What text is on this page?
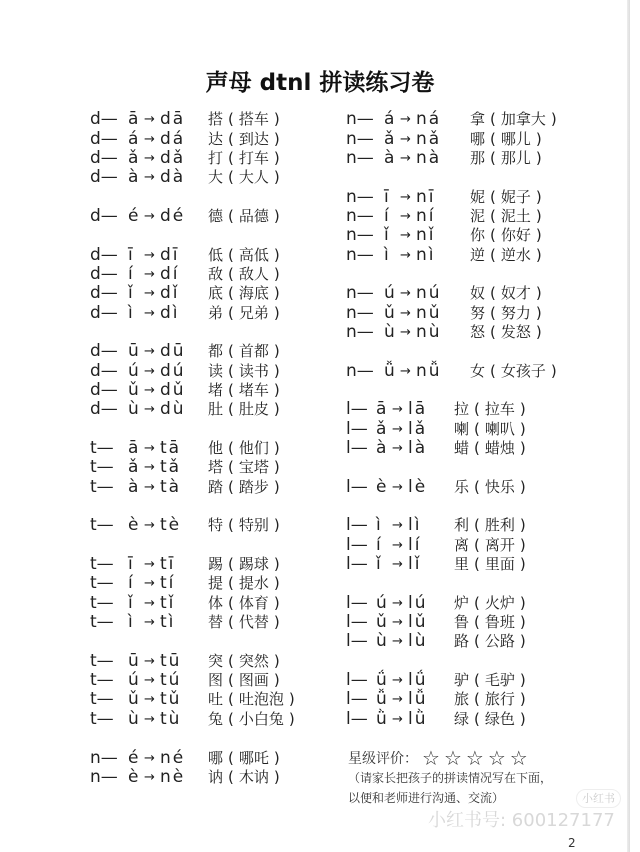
声母 dtnl 拼读练习卷
d— ā → dā	搭 ( 搭车 )
d— á → dá	达 ( 到达 )
d— ǎ → dǎ	打 ( 打车 )
d— à → dà	大 ( 大人 )
d— é → dé	德 ( 品德 )
d— ī → dī	低 ( 高低 )
d— í → dí	敌 ( 敌人 )
d— ǐ → dǐ	底 ( 海底 )
d— ì → dì	弟 ( 兄弟 )
d— ū → dū	都 ( 首都 )
d— ú → dú	读 ( 读书 )
d— ǔ → dǔ	堵 ( 堵车 )
d— ù → dù	肚 ( 肚皮 )
t— ā → tā	他 ( 他们 )
t— ǎ → tǎ	塔 ( 宝塔 )
t— à → tà	踏 ( 踏步 )
t— è → tè	特 ( 特别 )
t— ī → tī	踢 ( 踢球 )
t— í → tí	提 ( 提水 )
t— ǐ → tǐ	体 ( 体育 )
t— ì → tì	替 ( 代替 )
t— ū → tū	突 ( 突然 )
t— ú → tú	图 ( 图画 )
t— ǔ → tǔ	吐 ( 吐泡泡 )
t— ù → tù	兔 ( 小白兔 )
n— é → né	哪 ( 哪吒 )
n— è → nè	讷 ( 木讷 )
n— á → ná	拿 ( 加拿大 )
n— ǎ → nǎ	哪 ( 哪儿 )
n— à → nà	那 ( 那儿 )
n— ī → nī	妮 ( 妮子 )
n— í → ní	泥 ( 泥土 )
n— ǐ → nǐ	你 ( 你好 )
n— ì → nì	逆 ( 逆水 )
n— ú → nú	奴 ( 奴才 )
n— ǔ → nǔ	努 ( 努力 )
n— ù → nù	怒 ( 发怒 )
n— ǚ → nǚ	女 ( 女孩子 )
l— ā → lā	拉 ( 拉车 )
l— ǎ → lǎ	喇 ( 喇叭 )
l— à → là	蜡 ( 蜡烛 )
l— è → lè	乐 ( 快乐 )
l— ì → lì	利 ( 胜利 )
l— í → lí	离 ( 离开 )
l— ǐ → lǐ	里 ( 里面 )
l— ú → lú	炉 ( 火炉 )
l— ǔ → lǔ	鲁 ( 鲁班 )
l— ù → lù	路 ( 公路 )
l— ǘ → lǘ	驴 ( 毛驴 )
l— ǚ → lǚ	旅 ( 旅行 )
l— ǜ → lǜ	绿 ( 绿色 )
星级评价： ☆ ☆ ☆ ☆ ☆
（请家长把孩子的拼读情况写在下面，以便和老师进行沟通、交流）	小红书
小红书号: 600127177
2
